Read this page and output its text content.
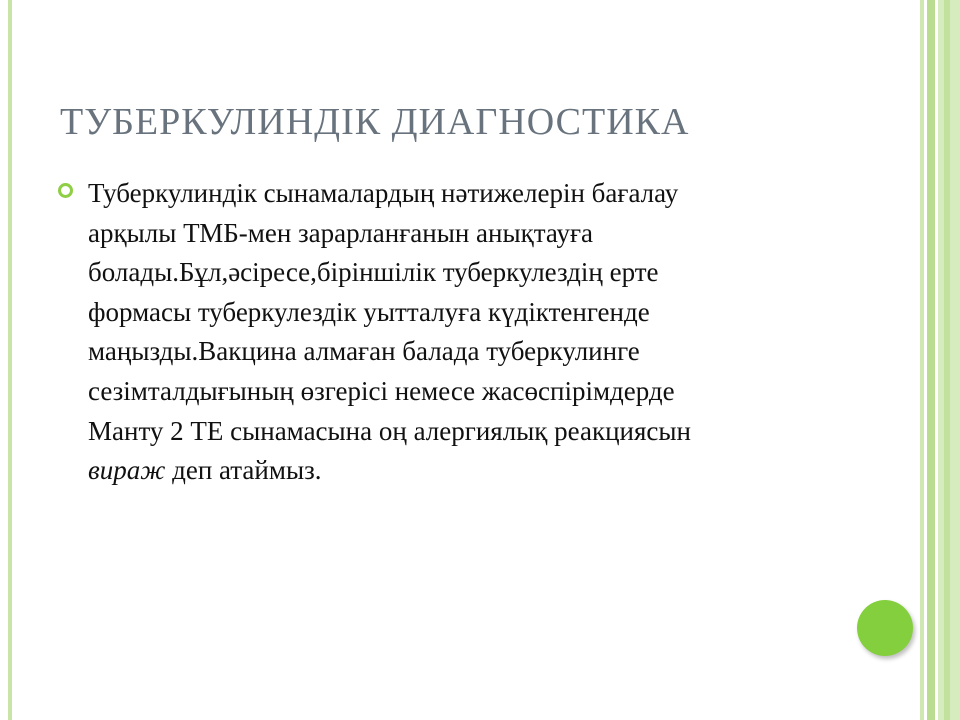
ТУБЕРКУЛИНДІК ДИАГНОСТИКА

Туберкулиндік сынамалардың нәтижелерін бағалау
арқылы ТМБ-мен зарарланғанын анықтауға
болады.Бұл,әсіресе,біріншілік туберкулездің ерте
формасы туберкулездік уытталуға күдіктенгенде
маңызды.Вакцина алмаған балада туберкулинге
сезімталдығының өзгерісі немесе жасөспірімдерде
Манту 2 ТЕ сынамасына оң алергиялық реакциясын
вираж деп атаймыз.
